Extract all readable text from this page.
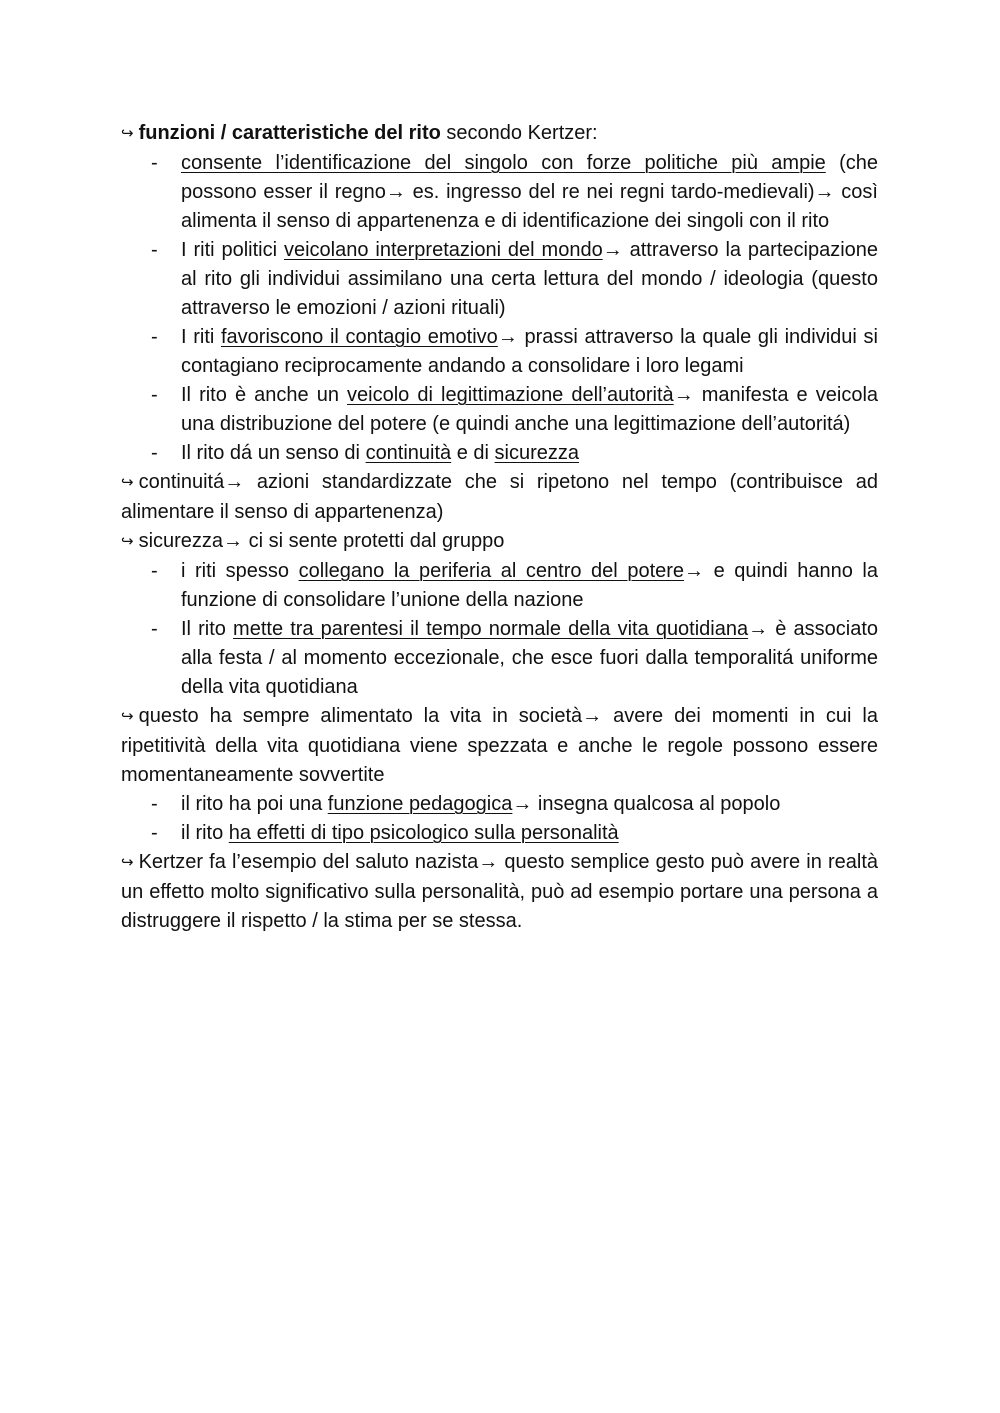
↪ funzioni / caratteristiche del rito secondo Kertzer:

- consente l’identificazione del singolo con forze politiche più ampie (che possono esser il regno→ es. ingresso del re nei regni tardo-medievali)→ così alimenta il senso di appartenenza e di identificazione dei singoli con il rito

- I riti politici veicolano interpretazioni del mondo→ attraverso la partecipazione al rito gli individui assimilano una certa lettura del mondo / ideologia (questo attraverso le emozioni / azioni rituali)

- I riti favoriscono il contagio emotivo→ prassi attraverso la quale gli individui si contagiano reciprocamente andando a consolidare i loro legami

- Il rito è anche un veicolo di legittimazione dell’autorità→ manifesta e veicola una distribuzione del potere (e quindi anche una legittimazione dell’autoritá)

- Il rito dá un senso di continuità e di sicurezza

↪ continuitá→ azioni standardizzate che si ripetono nel tempo (contribuisce ad alimentare il senso di appartenenza)

↪ sicurezza→ ci si sente protetti dal gruppo

- i riti spesso collegano la periferia al centro del potere→ e quindi hanno la funzione di consolidare l’unione della nazione

- Il rito mette tra parentesi il tempo normale della vita quotidiana→ è associato alla festa / al momento eccezionale, che esce fuori dalla temporalitá uniforme della vita quotidiana

↪ questo ha sempre alimentato la vita in società→ avere dei momenti in cui la ripetitività della vita quotidiana viene spezzata e anche le regole possono essere momentaneamente sovvertite

- il rito ha poi una funzione pedagogica→ insegna qualcosa al popolo

- il rito ha effetti di tipo psicologico sulla personalità

↪ Kertzer fa l’esempio del saluto nazista→ questo semplice gesto può avere in realtà un effetto molto significativo sulla personalità, può ad esempio portare una persona a distruggere il rispetto / la stima per se stessa.
